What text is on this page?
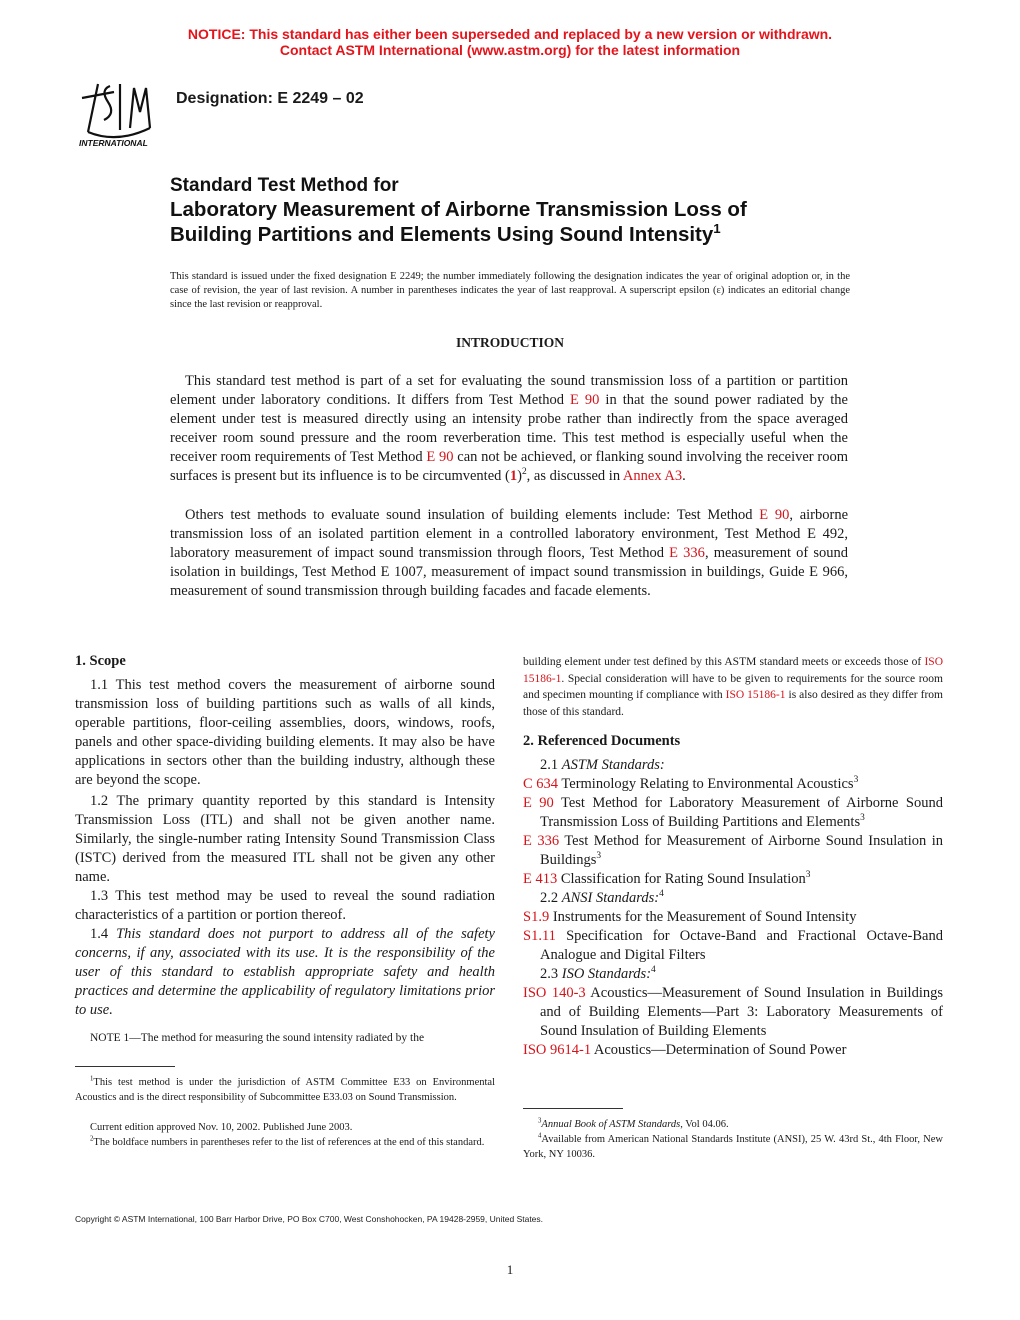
NOTICE: This standard has either been superseded and replaced by a new version or withdrawn.
Contact ASTM International (www.astm.org) for the latest information
INTERNATIONAL
Designation: E 2249 – 02
Standard Test Method for
Laboratory Measurement of Airborne Transmission Loss of
Building Partitions and Elements Using Sound Intensity$^1$
This standard is issued under the fixed designation E 2249; the number immediately following the designation indicates the year of original adoption or, in the case of revision, the year of last revision. A number in parentheses indicates the year of last reapproval. A superscript epsilon (ε) indicates an editorial change since the last revision or reapproval.
INTRODUCTION
This standard test method is part of a set for evaluating the sound transmission loss of a partition or partition element under laboratory conditions. It differs from Test Method E 90 in that the sound power radiated by the element under test is measured directly using an intensity probe rather than indirectly from the space averaged receiver room sound pressure and the room reverberation time. This test method is especially useful when the receiver room requirements of Test Method E 90 can not be achieved, or flanking sound involving the receiver room surfaces is present but its influence is to be circumvented $(1)^2$, as discussed in Annex A3.
Others test methods to evaluate sound insulation of building elements include: Test Method E 90, airborne transmission loss of an isolated partition element in a controlled laboratory environment, Test Method E 492, laboratory measurement of impact sound transmission through floors, Test Method E 336, measurement of sound isolation in buildings, Test Method E 1007, measurement of impact sound transmission in buildings, Guide E 966, measurement of sound transmission through building facades and facade elements.
1. Scope
1.1 This test method covers the measurement of airborne sound transmission loss of building partitions such as walls of all kinds, operable partitions, floor-ceiling assemblies, doors, windows, roofs, panels and other space-dividing building elements. It may also be have applications in sectors other than the building industry, although these are beyond the scope.
1.2 The primary quantity reported by this standard is Intensity Transmission Loss (ITL) and shall not be given another name. Similarly, the single-number rating Intensity Sound Transmission Class (ISTC) derived from the measured ITL shall not be given any other name.
1.3 This test method may be used to reveal the sound radiation characteristics of a partition or portion thereof.
1.4 This standard does not purport to address all of the safety concerns, if any, associated with its use. It is the responsibility of the user of this standard to establish appropriate safety and health practices and determine the applicability of regulatory limitations prior to use.
NOTE 1—The method for measuring the sound intensity radiated by the
$^1$This test method is under the jurisdiction of ASTM Committee E33 on Environmental Acoustics and is the direct responsibility of Subcommittee E33.03 on Sound Transmission.
Current edition approved Nov. 10, 2002. Published June 2003.
$^2$The boldface numbers in parentheses refer to the list of references at the end of this standard.
building element under test defined by this ASTM standard meets or exceeds those of ISO 15186-1. Special consideration will have to be given to requirements for the source room and specimen mounting if compliance with ISO 15186-1 is also desired as they differ from those of this standard.
2. Referenced Documents
2.1 ASTM Standards:
C 634 Terminology Relating to Environmental Acoustics$^3$
E 90 Test Method for Laboratory Measurement of Airborne Sound Transmission Loss of Building Partitions and Elements$^3$
E 336 Test Method for Measurement of Airborne Sound Insulation in Buildings$^3$
E 413 Classification for Rating Sound Insulation$^3$
2.2 ANSI Standards:$^4$
S1.9 Instruments for the Measurement of Sound Intensity
S1.11 Specification for Octave-Band and Fractional Octave-Band Analogue and Digital Filters
2.3 ISO Standards:$^4$
ISO 140-3 Acoustics—Measurement of Sound Insulation in Buildings and of Building Elements—Part 3: Laboratory Measurements of Sound Insulation of Building Elements
ISO 9614-1 Acoustics—Determination of Sound Power
$^3$Annual Book of ASTM Standards, Vol 04.06.
$^4$Available from American National Standards Institute (ANSI), 25 W. 43rd St., 4th Floor, New York, NY 10036.
Copyright © ASTM International, 100 Barr Harbor Drive, PO Box C700, West Conshohocken, PA 19428-2959, United States.
1
